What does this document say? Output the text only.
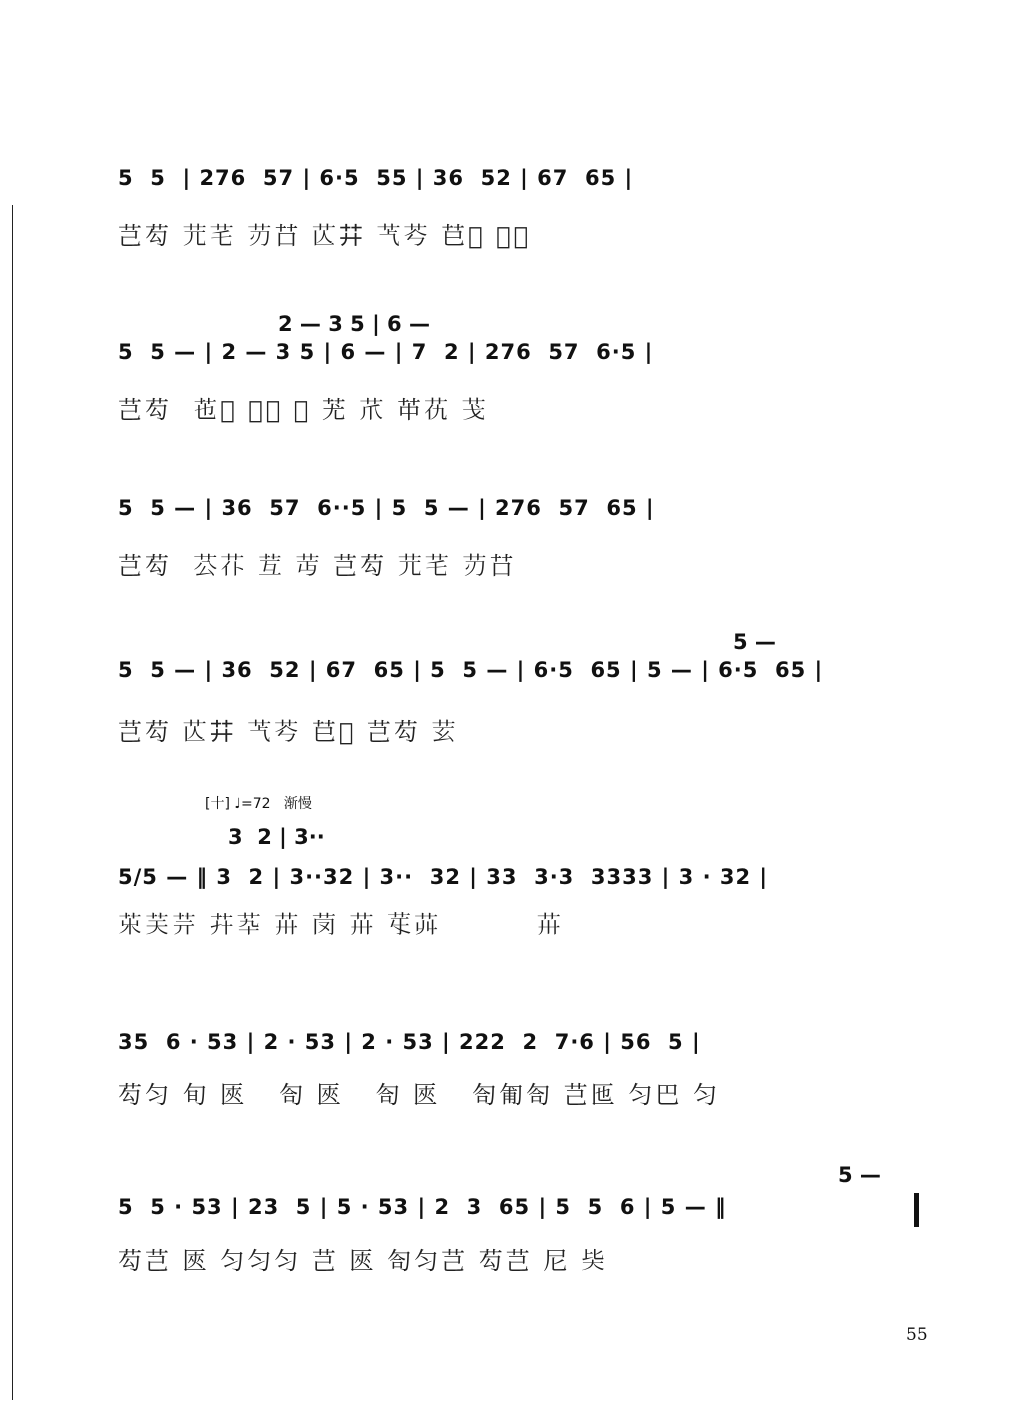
5  5  | 276  57 | 6·5  55 | 36  52 | 67  65 |
芑芶 𦬂𦬃 𦬄𦬅 𦬆𦬇 𦬈𦬉 𦬊𦬋 𦬌𦬍
2 — 3 5 | 6 —
5  5 — | 2 — 3 5 | 6 — | 7  2 | 276  57  6·5 |
芑芶  𦬎𦬏 𦬐𦬑 𦬒 𦬓 𦬔 𦬕𦬖 𦬗
5  5 — | 36  57  6··5 | 5  5 — | 276  57  65 |
芑芶  𦬘𦬙 𦬚 𦬛 芑芶 𦬂𦬃 𦬄𦬅
5 —
5  5 — | 36  52 | 67  65 | 5  5 — | 6·5  65 | 5 — | 6·5  65 |
芑芶 𦬆𦬇 𦬈𦬉 𦬊𦬋 芑芶 𦬜
[十] ♩=72   渐慢
3  2 | 3··
5/5 — ‖ 3  2 | 3··32 | 3··  32 | 33  3·3  3333 | 3 · 32 |
𦬝𦬞𦬟 𦬠𦬡 𦬢 𦬣 𦬢 𦬤𦬥         𦬢
35  6 · 53 | 2 · 53 | 2 · 53 | 222  2  7·6 | 56  5 |
芶匀 旬 匧   匌 匧   匌 匧   匌匍匌 芑匜 匀巴 匀
5 —
5  5 · 53 | 23  5 | 5 · 53 | 2  3  65 | 5  5  6 | 5 — ‖
芶芑 匧 匀匀匀 芑 匧 匌匀芑 芶芑 尼 𦬦
55
